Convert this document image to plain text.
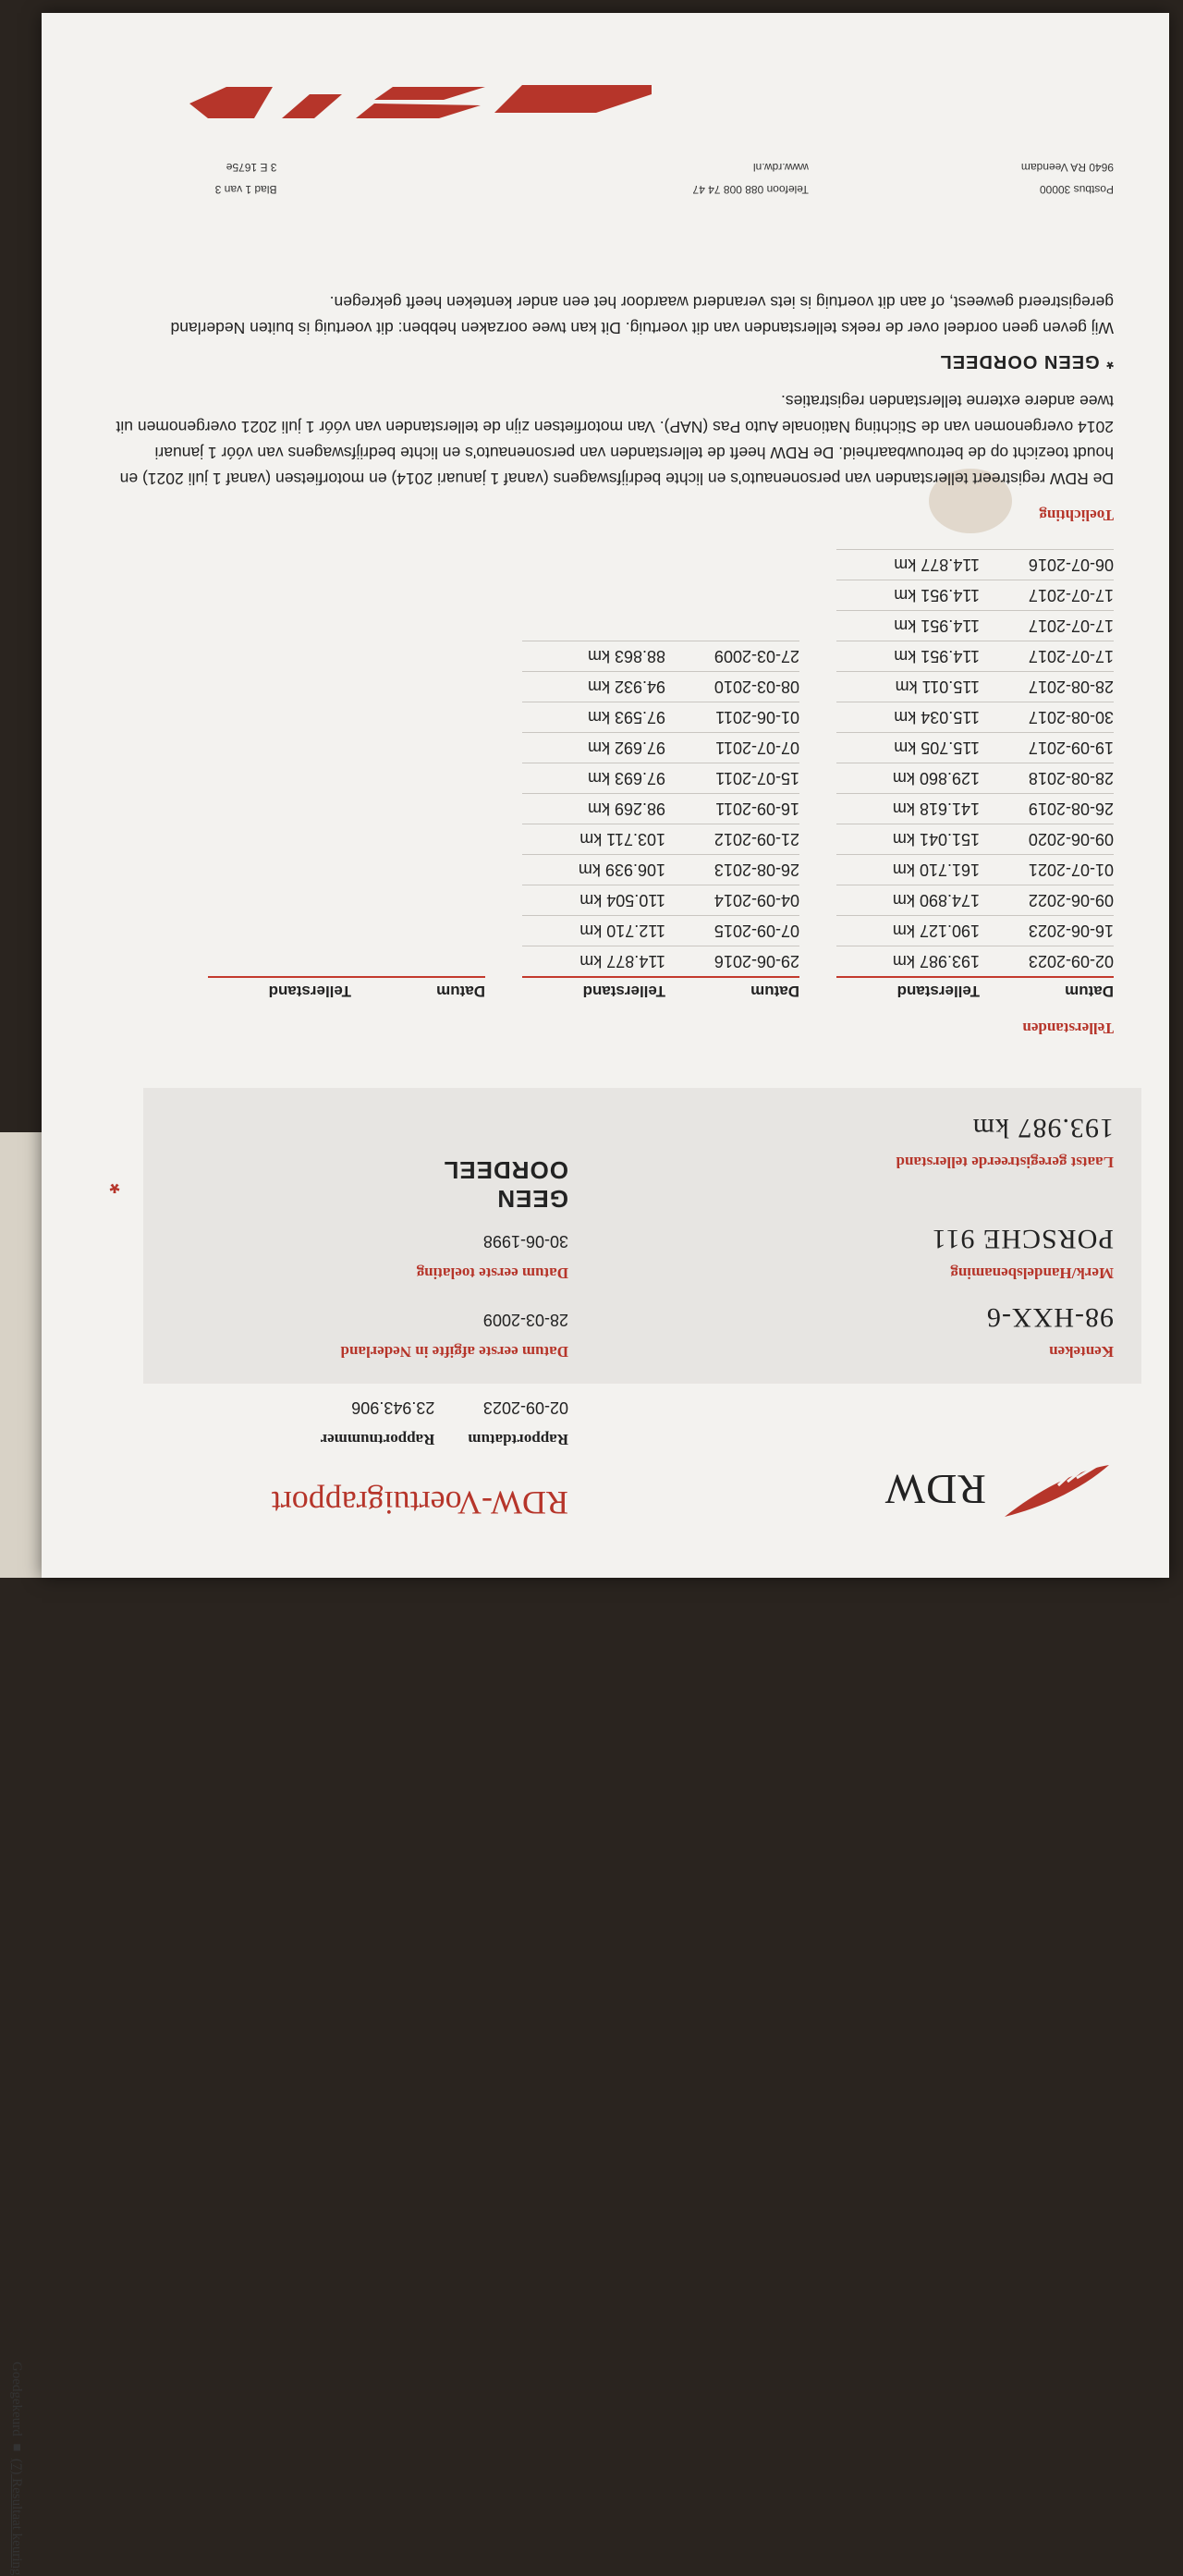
Goedgekeurd  ■  (7) Resultaat keuring
RDW
RDW-Voertuigrapport
Rapportdatum
02-09-2023
Rapportnummer
23.943.906
Kenteken
98-HXX-6
Datum eerste afgifte in Nederland
28-03-2009
Merk/Handelsbenaming
PORSCHE 911
Datum eerste toelating
30-06-1998
GEEN OORDEEL
*
Laatst geregistreerde tellerstand
193.987 km
Tellerstanden
Datum
Tellerstand
02-09-2023
193.987 km
16-06-2023
190.127 km
09-06-2022
174.890 km
01-07-2021
161.710 km
09-06-2020
151.041 km
26-08-2019
141.618 km
28-08-2018
129.860 km
19-09-2017
115.705 km
30-08-2017
115.034 km
28-08-2017
115.011 km
17-07-2017
114.951 km
17-07-2017
114.951 km
17-07-2017
114.951 km
06-07-2016
114.877 km
Datum
Tellerstand
29-06-2016
114.877 km
07-09-2015
112.710 km
04-09-2014
110.504 km
26-08-2013
106.939 km
21-09-2012
103.711 km
16-09-2011
98.269 km
15-07-2011
97.693 km
07-07-2011
97.692 km
01-06-2011
97.593 km
08-03-2010
94.932 km
27-03-2009
88.863 km
Datum
Tellerstand
Toelichting
De RDW registreert tellerstanden van personenauto's en lichte bedrijfswagens (vanaf 1 januari 2014) en motorfietsen (vanaf 1 juli 2021) en houdt toezicht op de betrouwbaarheid. De RDW heeft de tellerstanden van personenauto's en lichte bedrijfswagens van vóór 1 januari 2014 overgenomen van de Stichting Nationale Auto Pas (NAP). Van motorfietsen zijn de tellerstanden van vóór 1 juli 2021 overgenomen uit twee andere externe tellerstanden registraties.
* GEEN OORDEEL
Wij geven geen oordeel over de reeks tellerstanden van dit voertuig. Dit kan twee oorzaken hebben: dit voertuig is buiten Nederland geregistreerd geweest, of aan dit voertuig is iets veranderd waardoor het een ander kenteken heeft gekregen.
Postbus 30000
9640 RA Veendam
Telefoon 088 008 74 47
www.rdw.nl
Blad 1 van 3
3 E 1675e
